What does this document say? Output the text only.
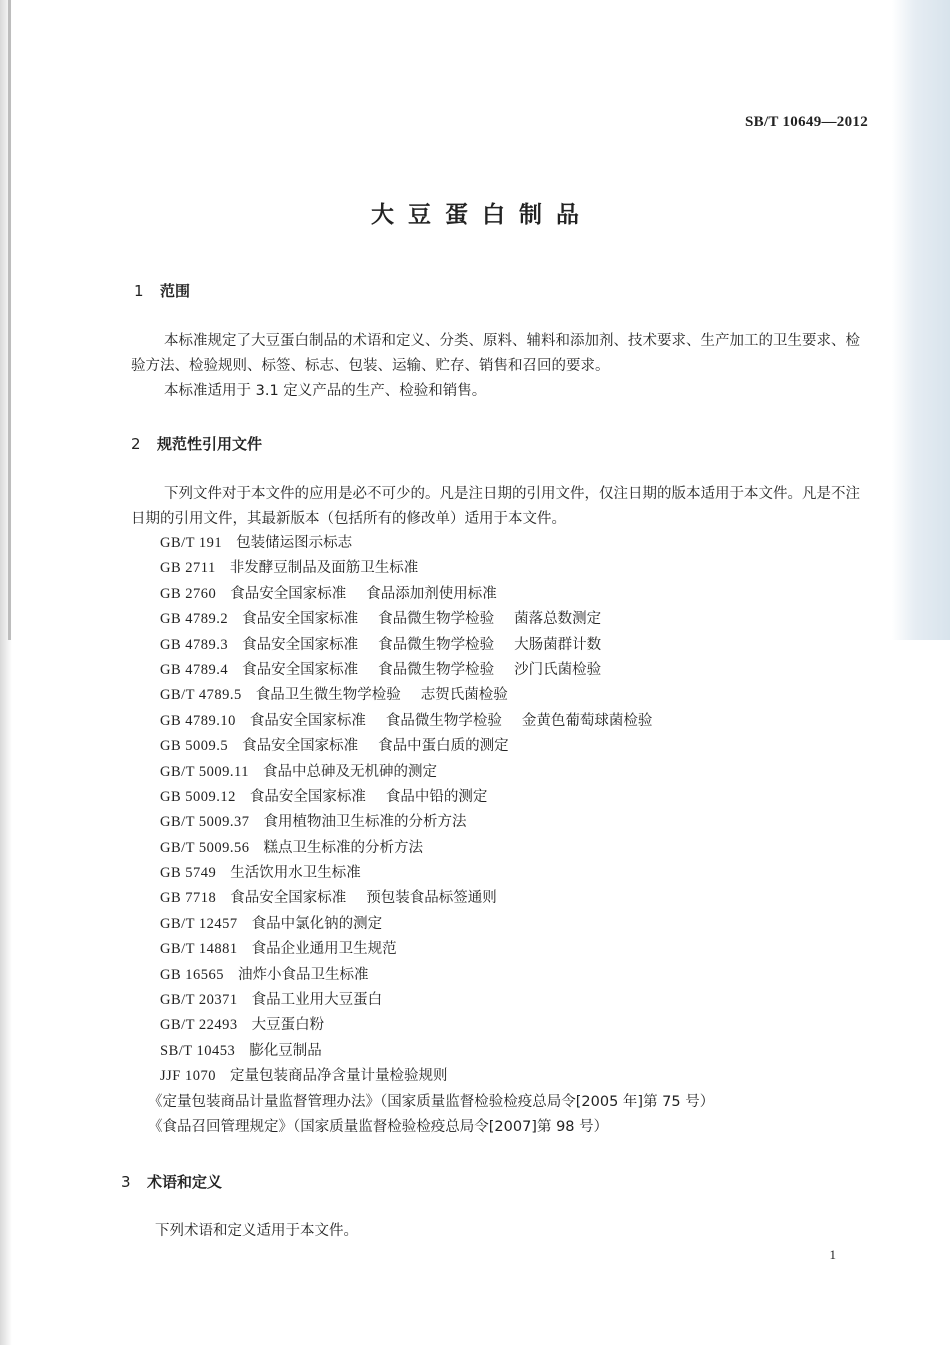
SB/T 10649—2012
大豆蛋白制品
1 范围
本标准规定了大豆蛋白制品的术语和定义、分类、原料、辅料和添加剂、技术要求、生产加工的卫生要求、检验方法、检验规则、标签、标志、包装、运输、贮存、销售和召回的要求。
本标准适用于 3.1 定义产品的生产、检验和销售。
2 规范性引用文件
下列文件对于本文件的应用是必不可少的。凡是注日期的引用文件，仅注日期的版本适用于本文件。凡是不注日期的引用文件，其最新版本（包括所有的修改单）适用于本文件。
GB/T 191 包装储运图示标志
GB 2711 非发酵豆制品及面筋卫生标准
GB 2760 食品安全国家标准 食品添加剂使用标准
GB 4789.2 食品安全国家标准 食品微生物学检验 菌落总数测定
GB 4789.3 食品安全国家标准 食品微生物学检验 大肠菌群计数
GB 4789.4 食品安全国家标准 食品微生物学检验 沙门氏菌检验
GB/T 4789.5 食品卫生微生物学检验 志贺氏菌检验
GB 4789.10 食品安全国家标准 食品微生物学检验 金黄色葡萄球菌检验
GB 5009.5 食品安全国家标准 食品中蛋白质的测定
GB/T 5009.11 食品中总砷及无机砷的测定
GB 5009.12 食品安全国家标准 食品中铅的测定
GB/T 5009.37 食用植物油卫生标准的分析方法
GB/T 5009.56 糕点卫生标准的分析方法
GB 5749 生活饮用水卫生标准
GB 7718 食品安全国家标准 预包装食品标签通则
GB/T 12457 食品中氯化钠的测定
GB/T 14881 食品企业通用卫生规范
GB 16565 油炸小食品卫生标准
GB/T 20371 食品工业用大豆蛋白
GB/T 22493 大豆蛋白粉
SB/T 10453 膨化豆制品
JJF 1070 定量包装商品净含量计量检验规则
《定量包装商品计量监督管理办法》（国家质量监督检验检疫总局令[2005 年]第 75 号）
《食品召回管理规定》（国家质量监督检验检疫总局令[2007]第 98 号）
3 术语和定义
下列术语和定义适用于本文件。
1
